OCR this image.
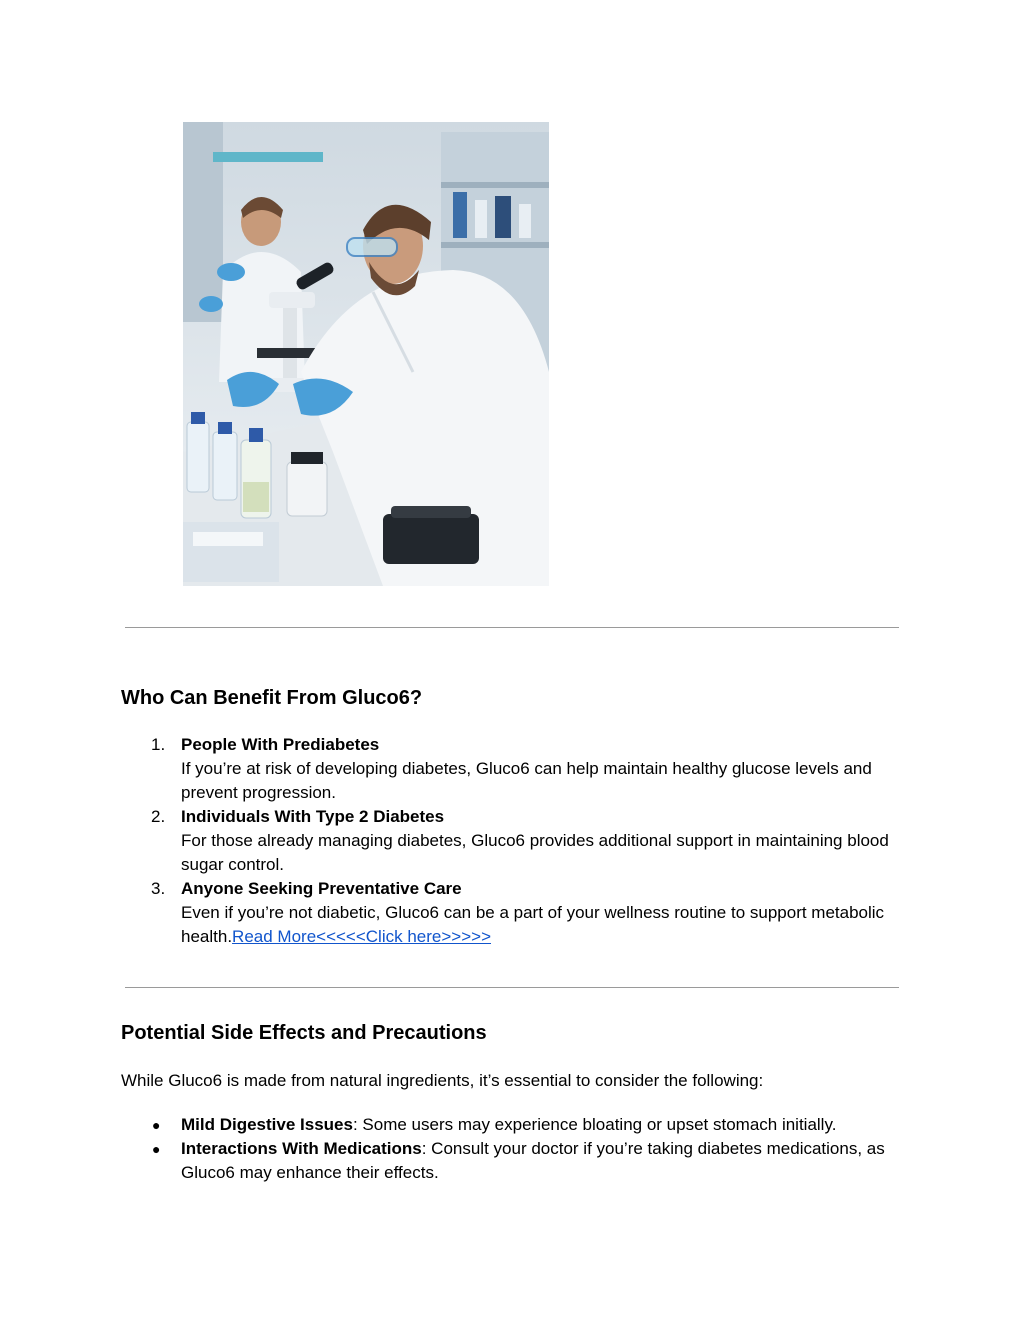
Who Can Benefit From Gluco6?
1. People With Prediabetes
If you’re at risk of developing diabetes, Gluco6 can help maintain healthy glucose levels and prevent progression.
2. Individuals With Type 2 Diabetes
For those already managing diabetes, Gluco6 provides additional support in maintaining blood sugar control.
3. Anyone Seeking Preventative Care
Even if you’re not diabetic, Gluco6 can be a part of your wellness routine to support metabolic health.Read More<<<<<Click here>>>>>
Potential Side Effects and Precautions

While Gluco6 is made from natural ingredients, it’s essential to consider the following:

●	Mild Digestive Issues: Some users may experience bloating or upset stomach initially.
●	Interactions With Medications: Consult your doctor if you’re taking diabetes medications, as Gluco6 may enhance their effects.
